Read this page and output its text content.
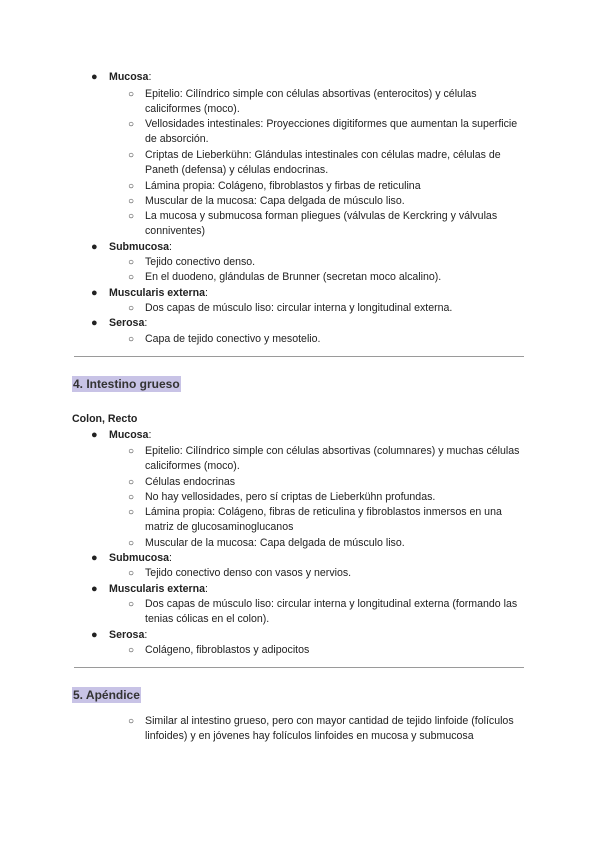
● Mucosa:
○ Epitelio: Cilíndrico simple con células absortivas (enterocitos) y células caliciformes (moco).
○ Vellosidades intestinales: Proyecciones digitiformes que aumentan la superficie de absorción.
○ Criptas de Lieberkühn: Glándulas intestinales con células madre, células de Paneth (defensa) y células endocrinas.
○ Lámina propia: Colágeno, fibroblastos y firbas de reticulina
○ Muscular de la mucosa: Capa delgada de músculo liso.
○ La mucosa y submucosa forman pliegues (válvulas de Kerckring y válvulas conniventes)
● Submucosa:
○ Tejido conectivo denso.
○ En el duodeno, glándulas de Brunner (secretan moco alcalino).
● Muscularis externa:
○ Dos capas de músculo liso: circular interna y longitudinal externa.
● Serosa:
○ Capa de tejido conectivo y mesotelio.
4. Intestino grueso
Colon, Recto
● Mucosa:
○ Epitelio: Cilíndrico simple con células absortivas (columnares) y muchas células caliciformes (moco).
○ Células endocrinas
○ No hay vellosidades, pero sí criptas de Lieberkühn profundas.
○ Lámina propia: Colágeno, fibras de reticulina y fibroblastos inmersos en una matriz de glucosaminoglucanos
○ Muscular de la mucosa: Capa delgada de músculo liso.
● Submucosa:
○ Tejido conectivo denso con vasos y nervios.
● Muscularis externa:
○ Dos capas de músculo liso: circular interna y longitudinal externa (formando las tenias cólicas en el colon).
● Serosa:
○ Colágeno, fibroblastos y adipocitos
5. Apéndice
○ Similar al intestino grueso, pero con mayor cantidad de tejido linfoide (folículos linfoides) y en jóvenes hay folículos linfoides en mucosa y submucosa
